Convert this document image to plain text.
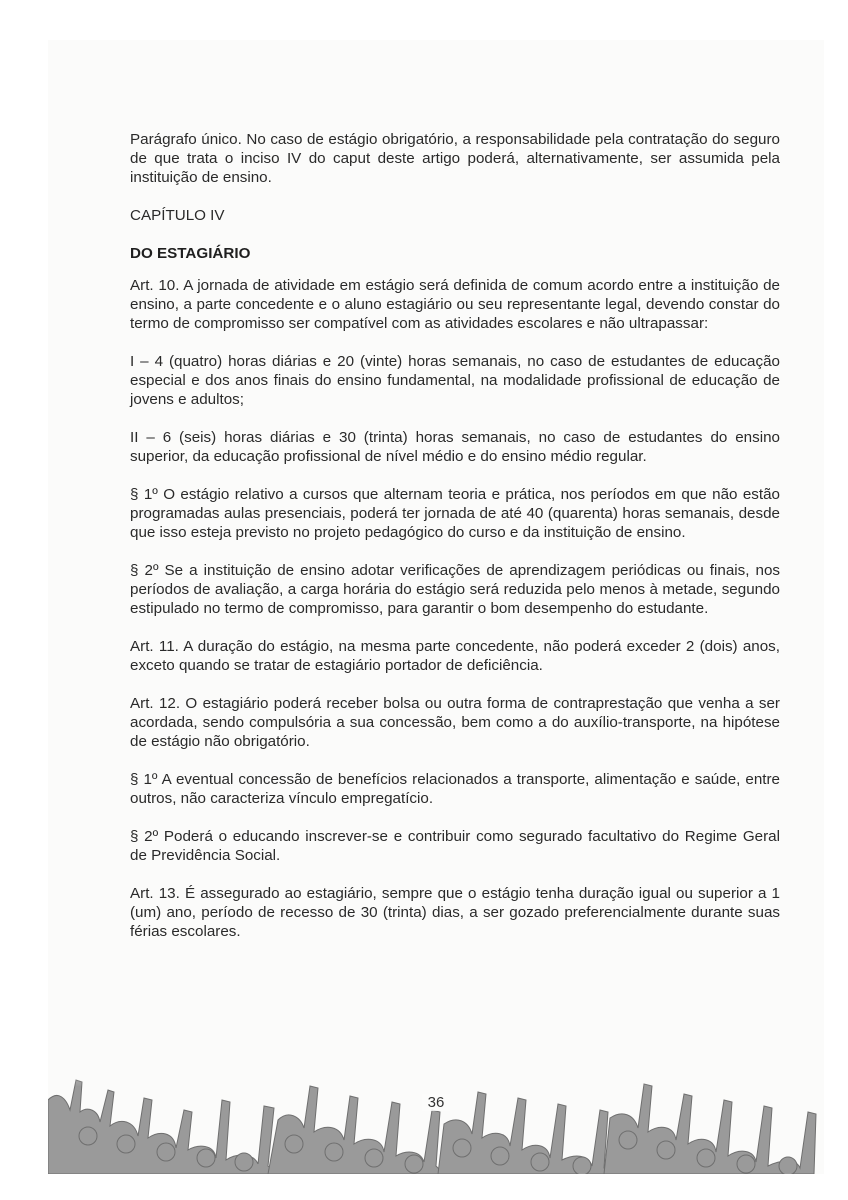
Parágrafo único. No caso de estágio obrigatório, a responsabilidade pela contratação do seguro de que trata o inciso IV do caput deste artigo poderá, alternativamente, ser assumida pela instituição de ensino.

CAPÍTULO IV
DO ESTAGIÁRIO

Art. 10. A jornada de atividade em estágio será definida de comum acordo entre a instituição de ensino, a parte concedente e o aluno estagiário ou seu representante legal, devendo constar do termo de compromisso ser compatível com as atividades escolares e não ultrapassar:

I – 4 (quatro) horas diárias e 20 (vinte) horas semanais, no caso de estudantes de educação especial e dos anos finais do ensino fundamental, na modalidade profissional de educação de jovens e adultos;

II – 6 (seis) horas diárias e 30 (trinta) horas semanais, no caso de estudantes do ensino superior, da educação profissional de nível médio e do ensino médio regular.

§ 1º O estágio relativo a cursos que alternam teoria e prática, nos períodos em que não estão programadas aulas presenciais, poderá ter jornada de até 40 (quarenta) horas semanais, desde que isso esteja previsto no projeto pedagógico do curso e da instituição de ensino.

§ 2º Se a instituição de ensino adotar verificações de aprendizagem periódicas ou finais, nos períodos de avaliação, a carga horária do estágio será reduzida pelo menos à metade, segundo estipulado no termo de compromisso, para garantir o bom desempenho do estudante.

Art. 11. A duração do estágio, na mesma parte concedente, não poderá exceder 2 (dois) anos, exceto quando se tratar de estagiário portador de deficiência.

Art. 12. O estagiário poderá receber bolsa ou outra forma de contraprestação que venha a ser acordada, sendo compulsória a sua concessão, bem como a do auxílio-transporte, na hipótese de estágio não obrigatório.

§ 1º A eventual concessão de benefícios relacionados a transporte, alimentação e saúde, entre outros, não caracteriza vínculo empregatício.

§ 2º Poderá o educando inscrever-se e contribuir como segurado facultativo do Regime Geral de Previdência Social.

Art. 13. É assegurado ao estagiário, sempre que o estágio tenha duração igual ou superior a 1 (um) ano, período de recesso de 30 (trinta) dias, a ser gozado preferencialmente durante suas férias escolares.

36
